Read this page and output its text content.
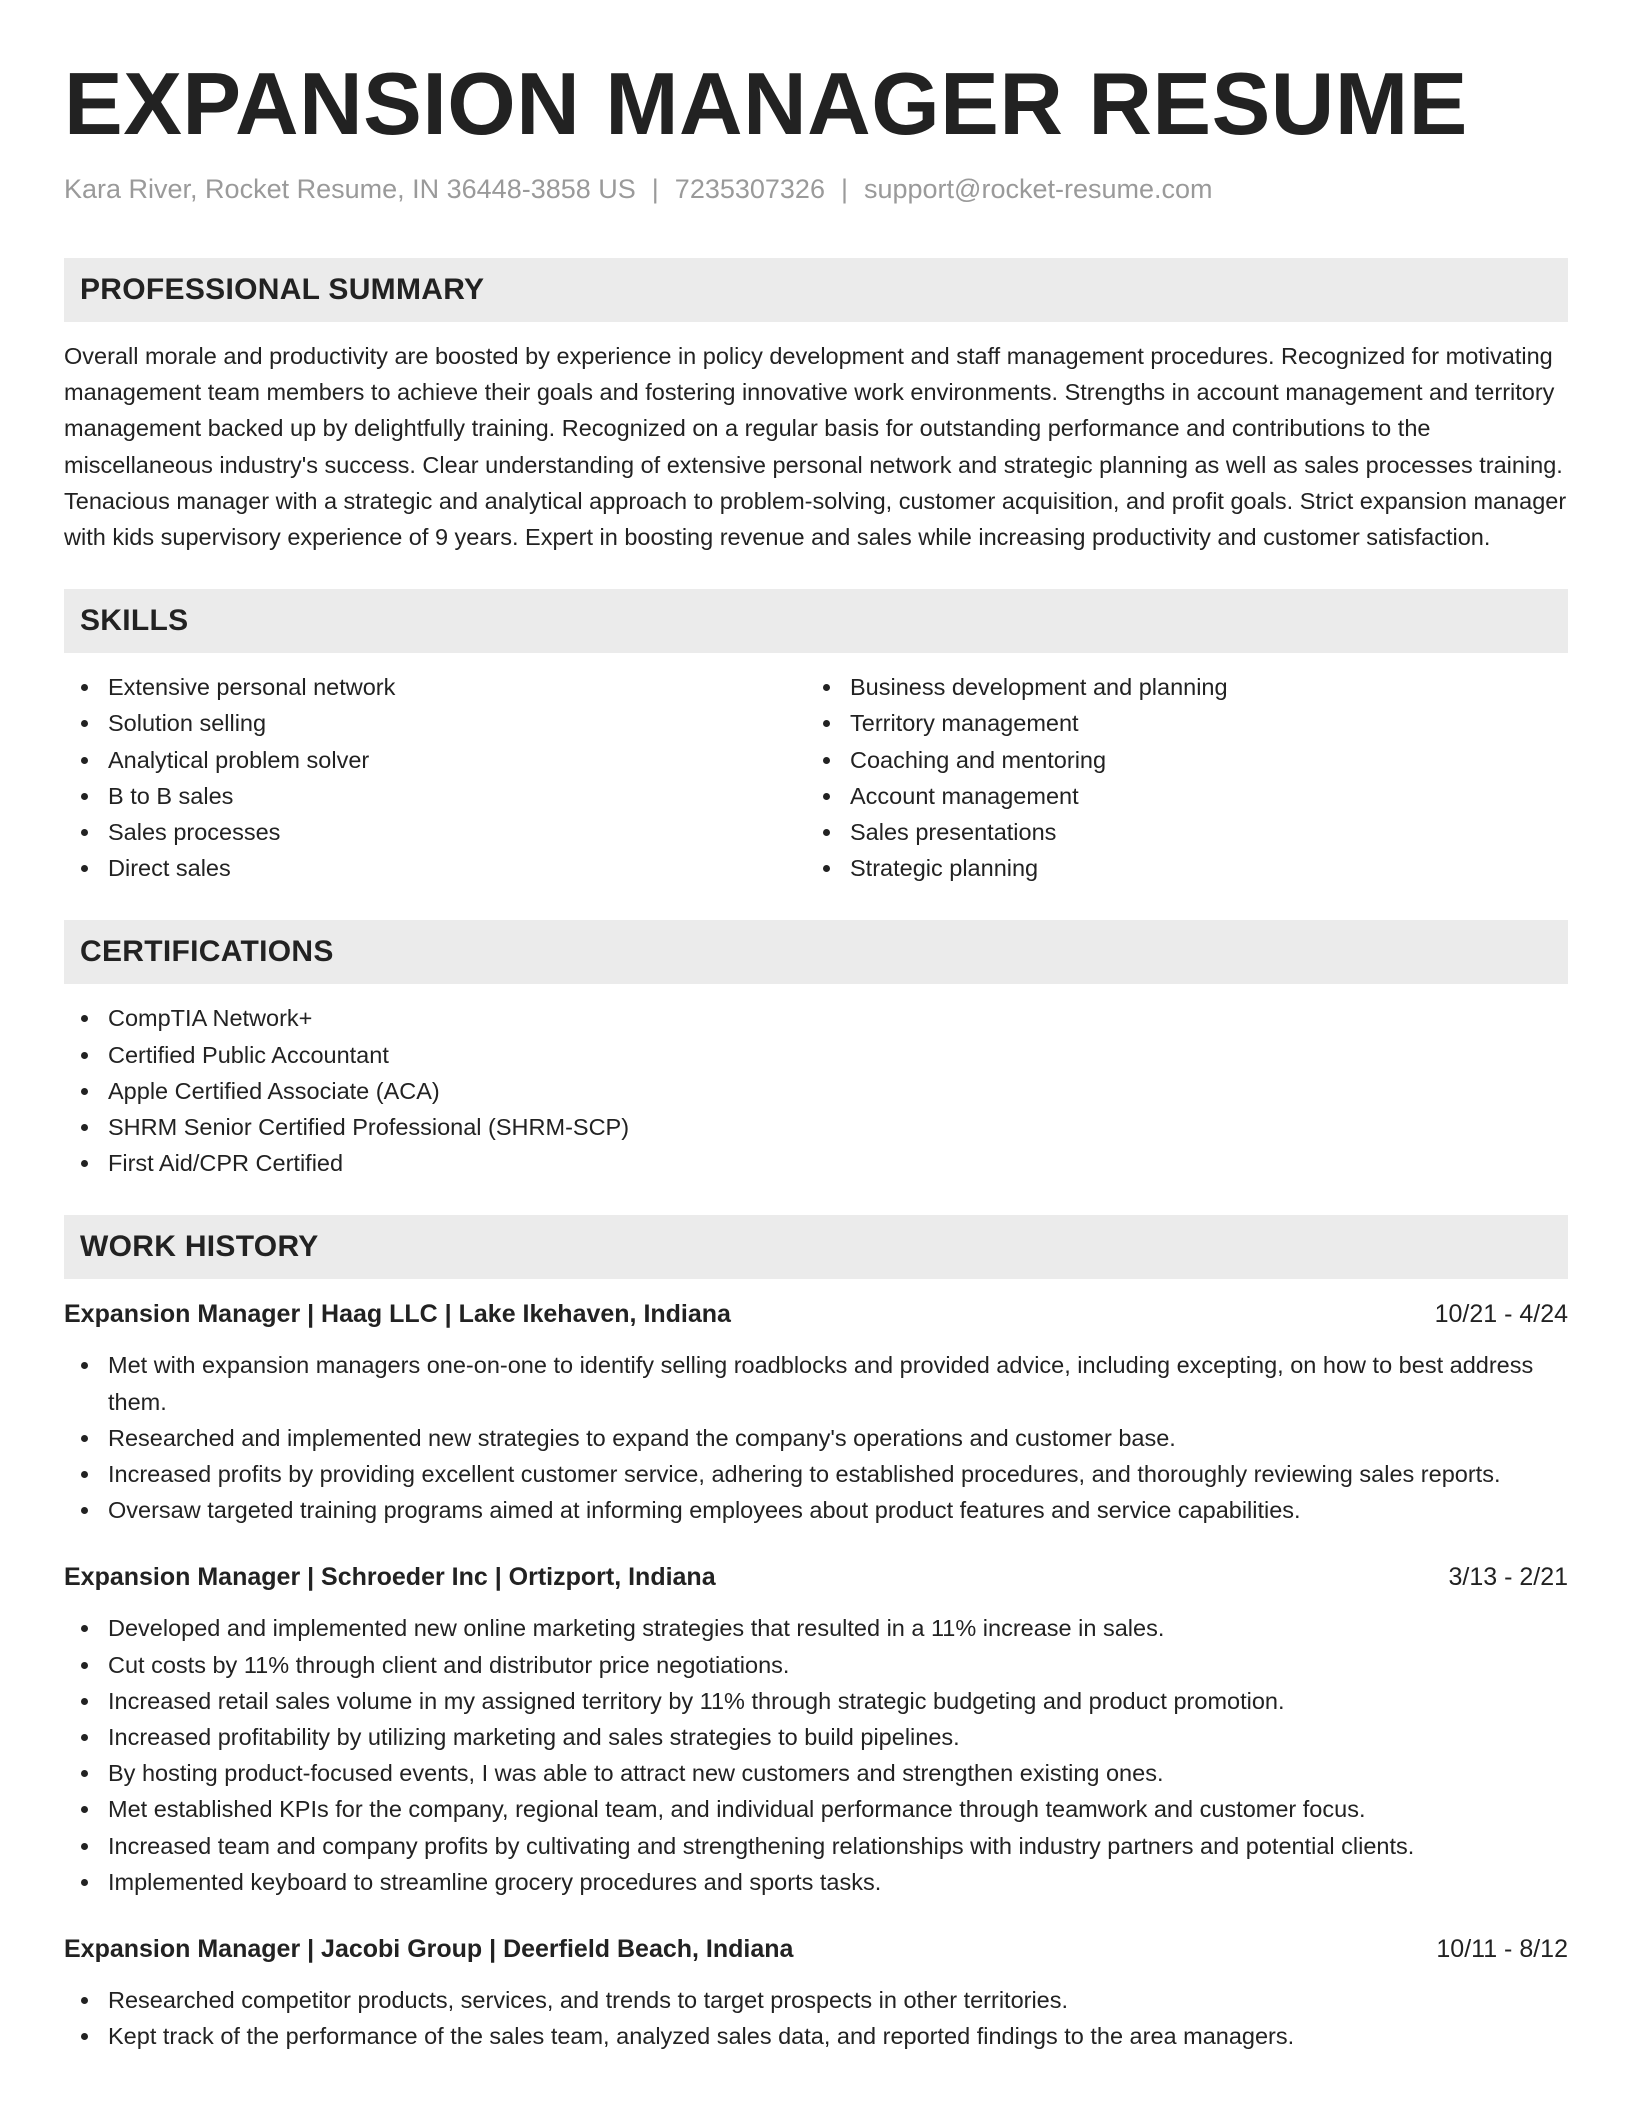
EXPANSION MANAGER RESUME
Kara River, Rocket Resume, IN 36448-3858 US | 7235307326 | support@rocket-resume.com
PROFESSIONAL SUMMARY
Overall morale and productivity are boosted by experience in policy development and staff management procedures. Recognized for motivating management team members to achieve their goals and fostering innovative work environments. Strengths in account management and territory management backed up by delightfully training. Recognized on a regular basis for outstanding performance and contributions to the miscellaneous industry's success. Clear understanding of extensive personal network and strategic planning as well as sales processes training. Tenacious manager with a strategic and analytical approach to problem-solving, customer acquisition, and profit goals. Strict expansion manager with kids supervisory experience of 9 years. Expert in boosting revenue and sales while increasing productivity and customer satisfaction.
SKILLS
Extensive personal network
Solution selling
Analytical problem solver
B to B sales
Sales processes
Direct sales
Business development and planning
Territory management
Coaching and mentoring
Account management
Sales presentations
Strategic planning
CERTIFICATIONS
CompTIA Network+
Certified Public Accountant
Apple Certified Associate (ACA)
SHRM Senior Certified Professional (SHRM-SCP)
First Aid/CPR Certified
WORK HISTORY
Expansion Manager | Haag LLC | Lake Ikehaven, Indiana	10/21 - 4/24
Met with expansion managers one-on-one to identify selling roadblocks and provided advice, including excepting, on how to best address them.
Researched and implemented new strategies to expand the company's operations and customer base.
Increased profits by providing excellent customer service, adhering to established procedures, and thoroughly reviewing sales reports.
Oversaw targeted training programs aimed at informing employees about product features and service capabilities.
Expansion Manager | Schroeder Inc | Ortizport, Indiana	3/13 - 2/21
Developed and implemented new online marketing strategies that resulted in a 11% increase in sales.
Cut costs by 11% through client and distributor price negotiations.
Increased retail sales volume in my assigned territory by 11% through strategic budgeting and product promotion.
Increased profitability by utilizing marketing and sales strategies to build pipelines.
By hosting product-focused events, I was able to attract new customers and strengthen existing ones.
Met established KPIs for the company, regional team, and individual performance through teamwork and customer focus.
Increased team and company profits by cultivating and strengthening relationships with industry partners and potential clients.
Implemented keyboard to streamline grocery procedures and sports tasks.
Expansion Manager | Jacobi Group | Deerfield Beach, Indiana	10/11 - 8/12
Researched competitor products, services, and trends to target prospects in other territories.
Kept track of the performance of the sales team, analyzed sales data, and reported findings to the area managers.
